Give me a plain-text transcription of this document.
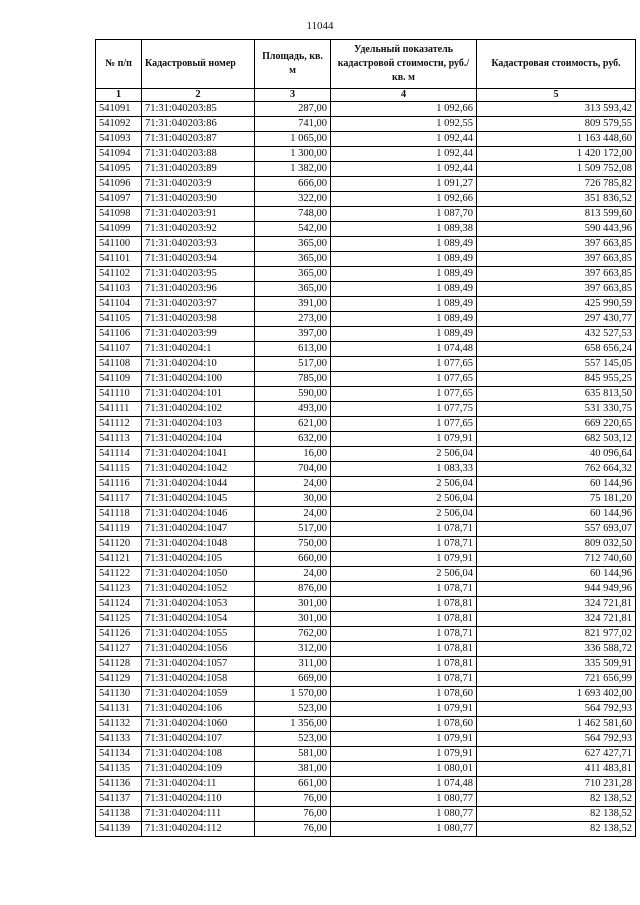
11044
№ п/п	Кадастровый номер	Площадь, кв. м	Удельный показатель кадастровой стоимости, руб./кв. м	Кадастровая стоимость, руб.
1	2	3	4	5
541091	71:31:040203:85	287,00	1 092,66	313 593,42
541092	71:31:040203:86	741,00	1 092,55	809 579,55
541093	71:31:040203:87	1 065,00	1 092,44	1 163 448,60
541094	71:31:040203:88	1 300,00	1 092,44	1 420 172,00
541095	71:31:040203:89	1 382,00	1 092,44	1 509 752,08
541096	71:31:040203:9	666,00	1 091,27	726 785,82
541097	71:31:040203:90	322,00	1 092,66	351 836,52
541098	71:31:040203:91	748,00	1 087,70	813 599,60
541099	71:31:040203:92	542,00	1 089,38	590 443,96
541100	71:31:040203:93	365,00	1 089,49	397 663,85
541101	71:31:040203:94	365,00	1 089,49	397 663,85
541102	71:31:040203:95	365,00	1 089,49	397 663,85
541103	71:31:040203:96	365,00	1 089,49	397 663,85
541104	71:31:040203:97	391,00	1 089,49	425 990,59
541105	71:31:040203:98	273,00	1 089,49	297 430,77
541106	71:31:040203:99	397,00	1 089,49	432 527,53
541107	71:31:040204:1	613,00	1 074,48	658 656,24
541108	71:31:040204:10	517,00	1 077,65	557 145,05
541109	71:31:040204:100	785,00	1 077,65	845 955,25
541110	71:31:040204:101	590,00	1 077,65	635 813,50
541111	71:31:040204:102	493,00	1 077,75	531 330,75
541112	71:31:040204:103	621,00	1 077,65	669 220,65
541113	71:31:040204:104	632,00	1 079,91	682 503,12
541114	71:31:040204:1041	16,00	2 506,04	40 096,64
541115	71:31:040204:1042	704,00	1 083,33	762 664,32
541116	71:31:040204:1044	24,00	2 506,04	60 144,96
541117	71:31:040204:1045	30,00	2 506,04	75 181,20
541118	71:31:040204:1046	24,00	2 506,04	60 144,96
541119	71:31:040204:1047	517,00	1 078,71	557 693,07
541120	71:31:040204:1048	750,00	1 078,71	809 032,50
541121	71:31:040204:105	660,00	1 079,91	712 740,60
541122	71:31:040204:1050	24,00	2 506,04	60 144,96
541123	71:31:040204:1052	876,00	1 078,71	944 949,96
541124	71:31:040204:1053	301,00	1 078,81	324 721,81
541125	71:31:040204:1054	301,00	1 078,81	324 721,81
541126	71:31:040204:1055	762,00	1 078,71	821 977,02
541127	71:31:040204:1056	312,00	1 078,81	336 588,72
541128	71:31:040204:1057	311,00	1 078,81	335 509,91
541129	71:31:040204:1058	669,00	1 078,71	721 656,99
541130	71:31:040204:1059	1 570,00	1 078,60	1 693 402,00
541131	71:31:040204:106	523,00	1 079,91	564 792,93
541132	71:31:040204:1060	1 356,00	1 078,60	1 462 581,60
541133	71:31:040204:107	523,00	1 079,91	564 792,93
541134	71:31:040204:108	581,00	1 079,91	627 427,71
541135	71:31:040204:109	381,00	1 080,01	411 483,81
541136	71:31:040204:11	661,00	1 074,48	710 231,28
541137	71:31:040204:110	76,00	1 080,77	82 138,52
541138	71:31:040204:111	76,00	1 080,77	82 138,52
541139	71:31:040204:112	76,00	1 080,77	82 138,52
